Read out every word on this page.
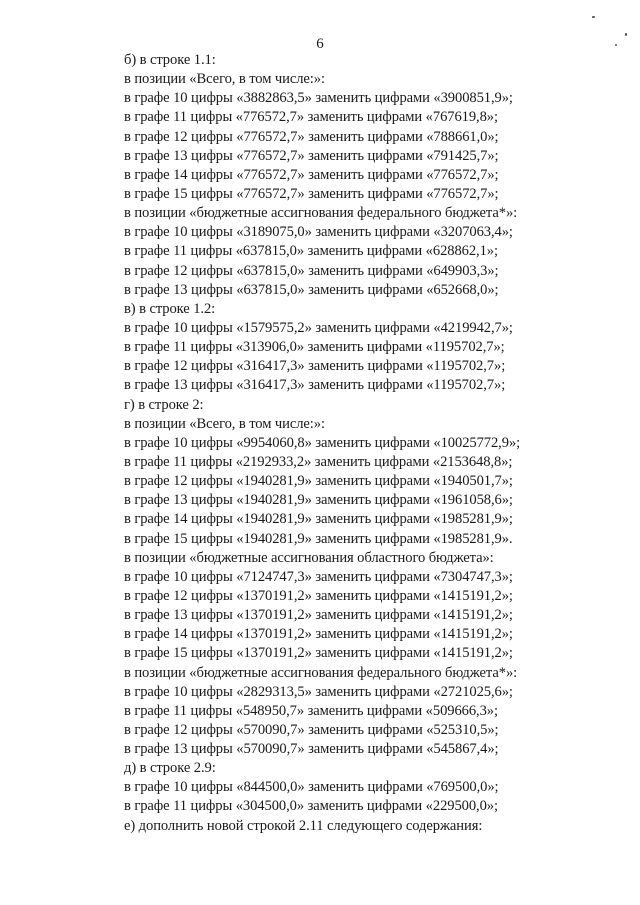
6
б) в строке 1.1:
в позиции «Всего, в том числе:»:
в графе 10 цифры «3882863,5» заменить цифрами «3900851,9»;
в графе 11 цифры «776572,7» заменить цифрами «767619,8»;
в графе 12 цифры «776572,7» заменить цифрами «788661,0»;
в графе 13 цифры «776572,7» заменить цифрами «791425,7»;
в графе 14 цифры «776572,7» заменить цифрами «776572,7»;
в графе 15 цифры «776572,7» заменить цифрами «776572,7»;
в позиции «бюджетные ассигнования федерального бюджета*»:
в графе 10 цифры «3189075,0» заменить цифрами «3207063,4»;
в графе 11 цифры «637815,0» заменить цифрами «628862,1»;
в графе 12 цифры «637815,0» заменить цифрами «649903,3»;
в графе 13 цифры «637815,0» заменить цифрами «652668,0»;
в) в строке 1.2:
в графе 10 цифры «1579575,2» заменить цифрами «4219942,7»;
в графе 11 цифры «313906,0» заменить цифрами «1195702,7»;
в графе 12 цифры «316417,3» заменить цифрами «1195702,7»;
в графе 13 цифры «316417,3» заменить цифрами «1195702,7»;
г) в строке 2:
в позиции «Всего, в том числе:»:
в графе 10 цифры «9954060,8» заменить цифрами «10025772,9»;
в графе 11 цифры «2192933,2» заменить цифрами «2153648,8»;
в графе 12 цифры «1940281,9» заменить цифрами «1940501,7»;
в графе 13 цифры «1940281,9» заменить цифрами «1961058,6»;
в графе 14 цифры «1940281,9» заменить цифрами «1985281,9»;
в графе 15 цифры «1940281,9» заменить цифрами «1985281,9».
в позиции «бюджетные ассигнования областного бюджета»:
в графе 10 цифры «7124747,3» заменить цифрами «7304747,3»;
в графе 12 цифры «1370191,2» заменить цифрами «1415191,2»;
в графе 13 цифры «1370191,2» заменить цифрами «1415191,2»;
в графе 14 цифры «1370191,2» заменить цифрами «1415191,2»;
в графе 15 цифры «1370191,2» заменить цифрами «1415191,2»;
в позиции «бюджетные ассигнования федерального бюджета*»:
в графе 10 цифры «2829313,5» заменить цифрами «2721025,6»;
в графе 11 цифры «548950,7» заменить цифрами «509666,3»;
в графе 12 цифры «570090,7» заменить цифрами «525310,5»;
в графе 13 цифры «570090,7» заменить цифрами «545867,4»;
д) в строке 2.9:
в графе 10 цифры «844500,0» заменить цифрами «769500,0»;
в графе 11 цифры «304500,0» заменить цифрами «229500,0»;
е) дополнить новой строкой 2.11 следующего содержания:
